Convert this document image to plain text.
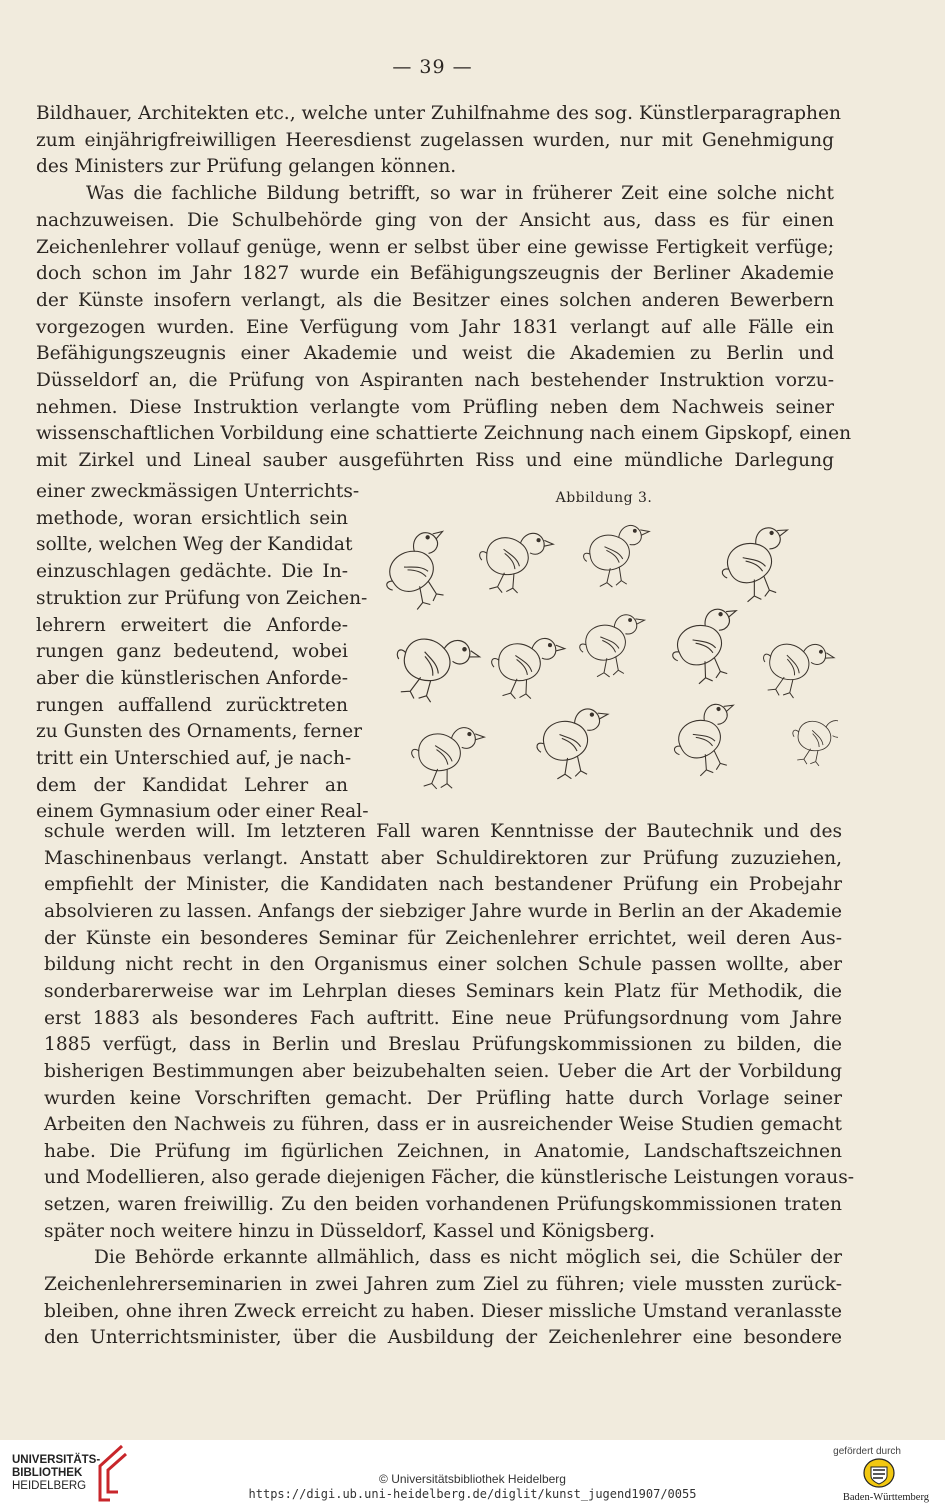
— 39 —
Bildhauer, Architekten etc., welche unter Zuhilfnahme des sog. Künstlerparagraphen
zum einjährigfreiwilligen Heeresdienst zugelassen wurden, nur mit Genehmigung
des Ministers zur Prüfung gelangen können.
Was die fachliche Bildung betrifft, so war in früherer Zeit eine solche nicht
nachzuweisen. Die Schulbehörde ging von der Ansicht aus, dass es für einen
Zeichenlehrer vollauf genüge, wenn er selbst über eine gewisse Fertigkeit verfüge;
doch schon im Jahr 1827 wurde ein Befähigungszeugnis der Berliner Akademie
der Künste insofern verlangt, als die Besitzer eines solchen anderen Bewerbern
vorgezogen wurden. Eine Verfügung vom Jahr 1831 verlangt auf alle Fälle ein
Befähigungszeugnis einer Akademie und weist die Akademien zu Berlin und
Düsseldorf an, die Prüfung von Aspiranten nach bestehender Instruktion vorzu-
nehmen. Diese Instruktion verlangte vom Prüfling neben dem Nachweis seiner
wissenschaftlichen Vorbildung eine schattierte Zeichnung nach einem Gipskopf, einen
mit Zirkel und Lineal sauber ausgeführten Riss und eine mündliche Darlegung
einer zweckmässigen Unterrichts-
methode, woran ersichtlich sein
sollte, welchen Weg der Kandidat
einzuschlagen gedächte. Die In-
struktion zur Prüfung von Zeichen-
lehrern erweitert die Anforde-
rungen ganz bedeutend, wobei
aber die künstlerischen Anforde-
rungen auffallend zurücktreten
zu Gunsten des Ornaments, ferner
tritt ein Unterschied auf, je nach-
dem der Kandidat Lehrer an
einem Gymnasium oder einer Real-
schule werden will. Im letzteren Fall waren Kenntnisse der Bautechnik und des
Maschinenbaus verlangt. Anstatt aber Schuldirektoren zur Prüfung zuzuziehen,
empfiehlt der Minister, die Kandidaten nach bestandener Prüfung ein Probejahr
absolvieren zu lassen. Anfangs der siebziger Jahre wurde in Berlin an der Akademie
der Künste ein besonderes Seminar für Zeichenlehrer errichtet, weil deren Aus-
bildung nicht recht in den Organismus einer solchen Schule passen wollte, aber
sonderbarerweise war im Lehrplan dieses Seminars kein Platz für Methodik, die
erst 1883 als besonderes Fach auftritt. Eine neue Prüfungsordnung vom Jahre
1885 verfügt, dass in Berlin und Breslau Prüfungskommissionen zu bilden, die
bisherigen Bestimmungen aber beizubehalten seien. Ueber die Art der Vorbildung
wurden keine Vorschriften gemacht. Der Prüfling hatte durch Vorlage seiner
Arbeiten den Nachweis zu führen, dass er in ausreichender Weise Studien gemacht
habe. Die Prüfung im figürlichen Zeichnen, in Anatomie, Landschaftszeichnen
und Modellieren, also gerade diejenigen Fächer, die künstlerische Leistungen voraus-
setzen, waren freiwillig. Zu den beiden vorhandenen Prüfungskommissionen traten
später noch weitere hinzu in Düsseldorf, Kassel und Königsberg.
Die Behörde erkannte allmählich, dass es nicht möglich sei, die Schüler der
Zeichenlehrerseminarien in zwei Jahren zum Ziel zu führen; viele mussten zurück-
bleiben, ohne ihren Zweck erreicht zu haben. Dieser missliche Umstand veranlasste
den Unterrichtsminister, über die Ausbildung der Zeichenlehrer eine besondere
Abbildung 3.
UNIVERSITÄTS-
BIBLIOTHEK
HEIDELBERG	© Universitätsbibliothek Heidelberg
https://digi.ub.uni-heidelberg.de/diglit/kunst_jugend1907/0055
gefördert durch
Baden-Württemberg
